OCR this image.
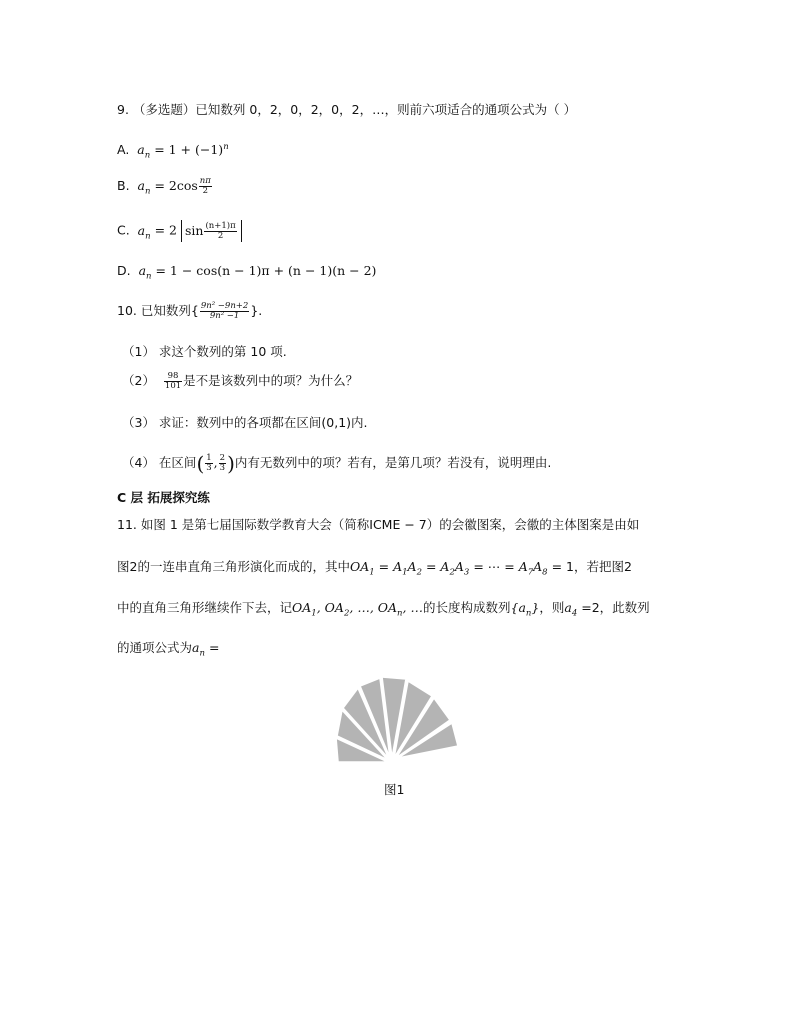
9. （多选题）已知数列 0，2，0，2，0，2，…，则前六项适合的通项公式为（ ）
A. $a_n = 1 + (-1)^n$
B. $a_n = 2\cos \frac{n\pi}{2}$
C. $a_n = 2$ $\sin \frac{(n+1)\pi}{2}$
D. $a_n = 1 - \cos(n - 1)\pi + (n - 1)(n - 2)$
10. 已知数列{ $\frac{\text{9n² −9n+2}}{\text{9n² −1}}$ }.
（1） 求这个数列的第 10 项.
$(2) \frac{98}{101}$ 是不是该数列中的项？为什么？
（3） 求证：数列中的各项都在区间(0,1)内.
（4） 在区间( $\frac{1}{3}$ , $\frac{2}{3}$ )内有无数列中的项？若有，是第几项？若没有，说明理由.
C 层 拓展探究练
11. 如图 1 是第七届国际数学教育大会（简称ICME − 7）的会徽图案，会徽的主体图案是由如
图2的一连串直角三角形演化而成的，其中$OA_1 = A_1A_2 = A_2A_3$ = ⋯ = $A_7A_8 = 1$，若把图2
中的直角三角形继续作下去，记$OA_1$, $OA_2$, …, $OA_n$, …的长度构成数列$\{a_n\}$，则$a_4 =2$，此数列
的通项公式为$a_n$ =
图1
